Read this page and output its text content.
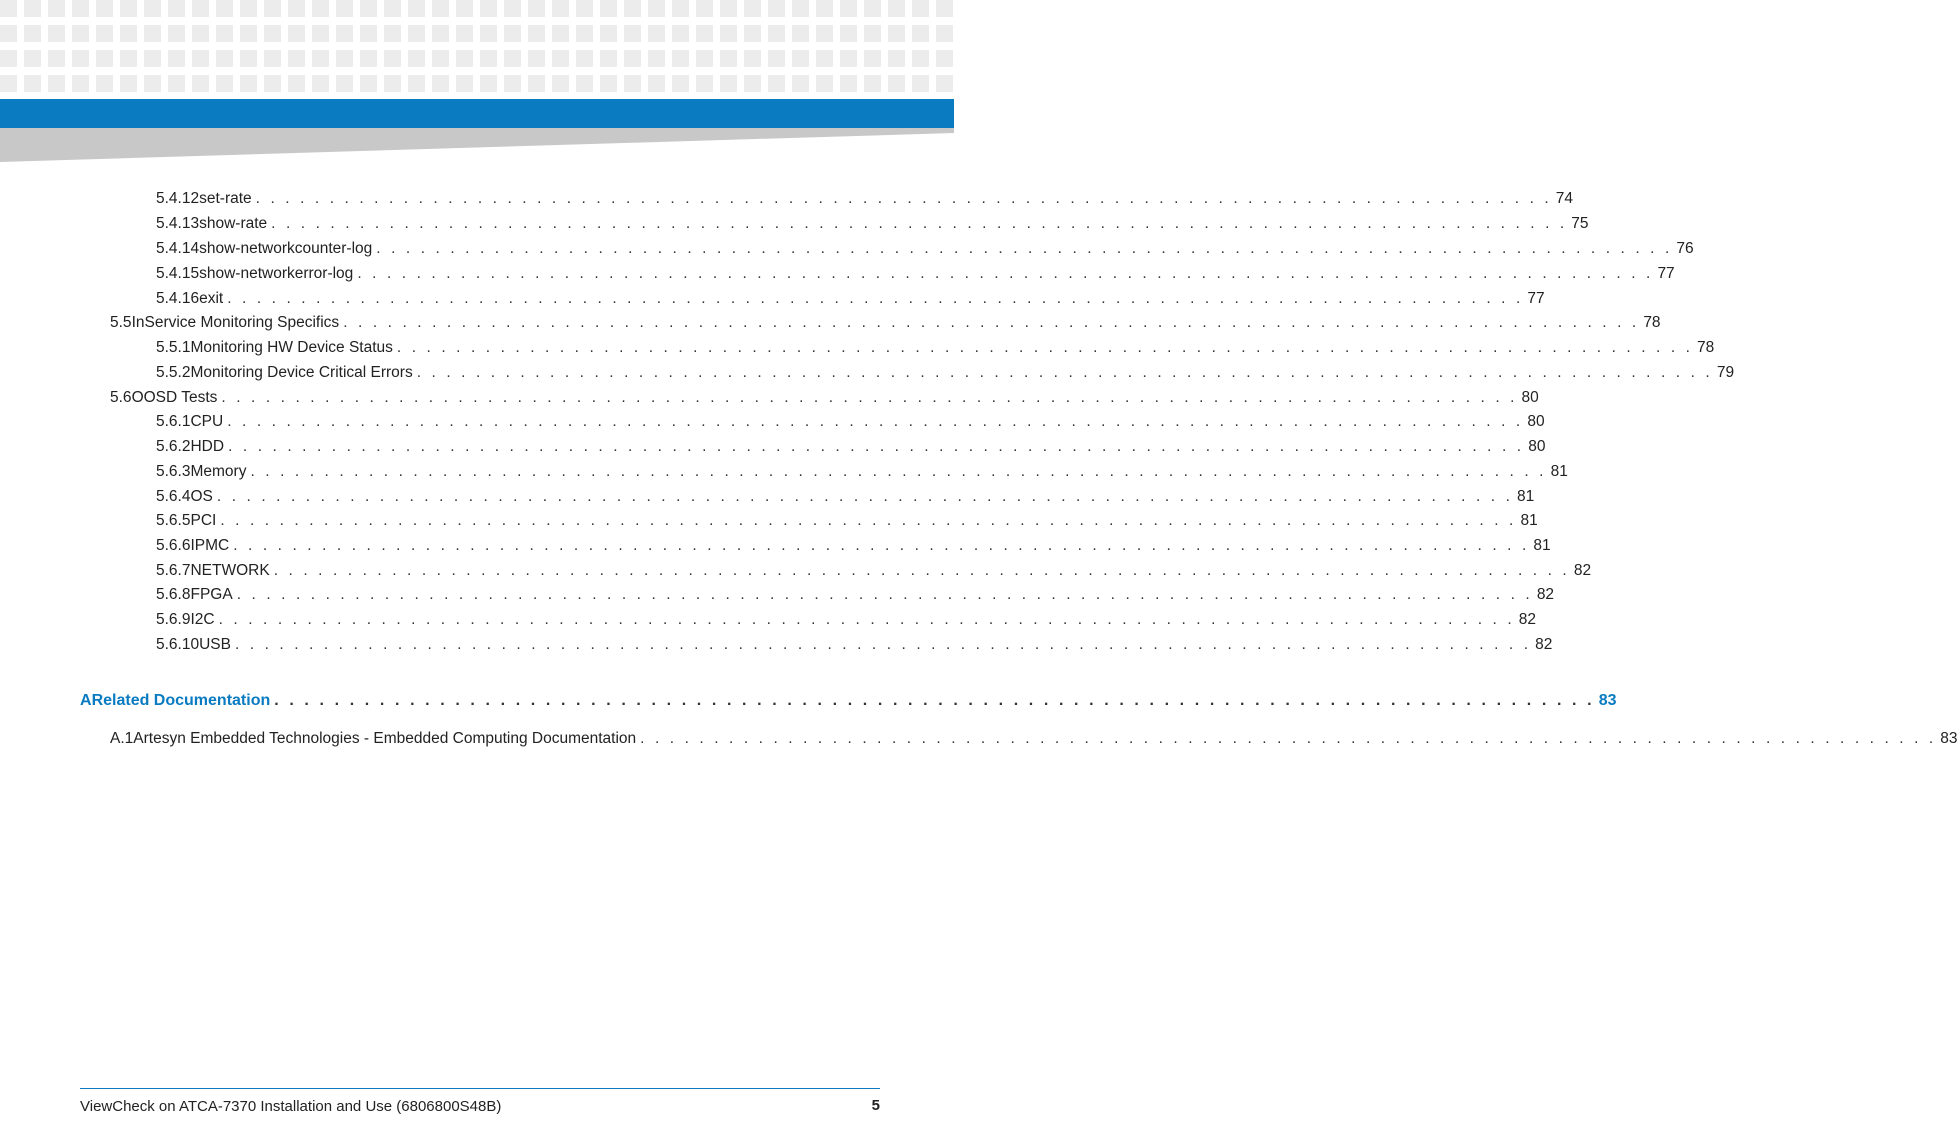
5.4.12 set-rate . . . . . . . . . . . . . . . . . . . . . . . . . . . . . . . . . . . . . . . . . . . . . . . . . . . . . . . . . . . . . . . . . . . . . . . . . . . . . . . . . . . . . . . . 74
5.4.13 show-rate . . . . . . . . . . . . . . . . . . . . . . . . . . . . . . . . . . . . . . . . . . . . . . . . . . . . . . . . . . . . . . . . . . . . . . . . . . . . . . . . . . . . . . . . 75
5.4.14 show-networkcounter-log . . . . . . . . . . . . . . . . . . . . . . . . . . . . . . . . . . . . . . . . . . . . . . . . . . . . . . . . . . . . . . . . . . . . . . . . . . . . . . . . . . . . . . . . 76
5.4.15 show-networkerror-log . . . . . . . . . . . . . . . . . . . . . . . . . . . . . . . . . . . . . . . . . . . . . . . . . . . . . . . . . . . . . . . . . . . . . . . . . . . . . . . . . . . . . . . . 77
5.4.16 exit . . . . . . . . . . . . . . . . . . . . . . . . . . . . . . . . . . . . . . . . . . . . . . . . . . . . . . . . . . . . . . . . . . . . . . . . . . . . . . . . . . . . . . . . 77
5.5 InService Monitoring Specifics . . . . . . . . . . . . . . . . . . . . . . . . . . . . . . . . . . . . . . . . . . . . . . . . . . . . . . . . . . . . . . . . . . . . . . . . . . . . . . . . . . . . . . . . 78
5.5.1 Monitoring HW Device Status . . . . . . . . . . . . . . . . . . . . . . . . . . . . . . . . . . . . . . . . . . . . . . . . . . . . . . . . . . . . . . . . . . . . . . . . . . . . . . . . . . . . . . . . 78
5.5.2 Monitoring Device Critical Errors . . . . . . . . . . . . . . . . . . . . . . . . . . . . . . . . . . . . . . . . . . . . . . . . . . . . . . . . . . . . . . . . . . . . . . . . . . . . . . . . . . . . . . . . 79
5.6 OOSD Tests . . . . . . . . . . . . . . . . . . . . . . . . . . . . . . . . . . . . . . . . . . . . . . . . . . . . . . . . . . . . . . . . . . . . . . . . . . . . . . . . . . . . . . . . 80
5.6.1 CPU . . . . . . . . . . . . . . . . . . . . . . . . . . . . . . . . . . . . . . . . . . . . . . . . . . . . . . . . . . . . . . . . . . . . . . . . . . . . . . . . . . . . . . . . 80
5.6.2 HDD . . . . . . . . . . . . . . . . . . . . . . . . . . . . . . . . . . . . . . . . . . . . . . . . . . . . . . . . . . . . . . . . . . . . . . . . . . . . . . . . . . . . . . . . 80
5.6.3 Memory . . . . . . . . . . . . . . . . . . . . . . . . . . . . . . . . . . . . . . . . . . . . . . . . . . . . . . . . . . . . . . . . . . . . . . . . . . . . . . . . . . . . . . . . 81
5.6.4 OS . . . . . . . . . . . . . . . . . . . . . . . . . . . . . . . . . . . . . . . . . . . . . . . . . . . . . . . . . . . . . . . . . . . . . . . . . . . . . . . . . . . . . . . . 81
5.6.5 PCI . . . . . . . . . . . . . . . . . . . . . . . . . . . . . . . . . . . . . . . . . . . . . . . . . . . . . . . . . . . . . . . . . . . . . . . . . . . . . . . . . . . . . . . . 81
5.6.6 IPMC . . . . . . . . . . . . . . . . . . . . . . . . . . . . . . . . . . . . . . . . . . . . . . . . . . . . . . . . . . . . . . . . . . . . . . . . . . . . . . . . . . . . . . . . 81
5.6.7 NETWORK . . . . . . . . . . . . . . . . . . . . . . . . . . . . . . . . . . . . . . . . . . . . . . . . . . . . . . . . . . . . . . . . . . . . . . . . . . . . . . . . . . . . . . . . 82
5.6.8 FPGA . . . . . . . . . . . . . . . . . . . . . . . . . . . . . . . . . . . . . . . . . . . . . . . . . . . . . . . . . . . . . . . . . . . . . . . . . . . . . . . . . . . . . . . . 82
5.6.9 I2C . . . . . . . . . . . . . . . . . . . . . . . . . . . . . . . . . . . . . . . . . . . . . . . . . . . . . . . . . . . . . . . . . . . . . . . . . . . . . . . . . . . . . . . . 82
5.6.10 USB . . . . . . . . . . . . . . . . . . . . . . . . . . . . . . . . . . . . . . . . . . . . . . . . . . . . . . . . . . . . . . . . . . . . . . . . . . . . . . . . . . . . . . . . 82
A Related Documentation . . . . . . . . . . . . . . . . . . . . . . . . . . . . . . . . . . . . . . . . . . . . . . . . . . . . . . . . . . . . . . . . . . . . . . . . . . . . . . . . . . . . . . . . 83
A.1 Artesyn Embedded Technologies - Embedded Computing Documentation . . . . . . . . . . . . . . . . . . . . . . . . . . . . . . . . . . . . . . . . . . . . . . . . . . . . . . . . . . . . . . . . . . . . . . . . . . . . . . . . . . . . . . . . 83
ViewCheck on ATCA-7370 Installation and Use (6806800S48B)	5
